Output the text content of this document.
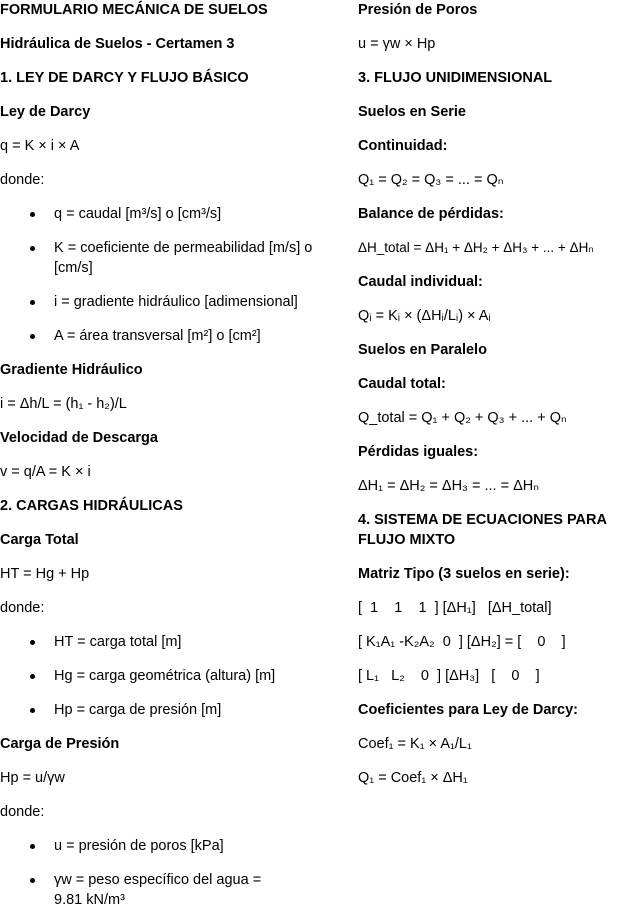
FORMULARIO MECÁNICA DE SUELOS

Hidráulica de Suelos - Certamen 3

1. LEY DE DARCY Y FLUJO BÁSICO

Ley de Darcy

q = K × i × A

donde:

q = caudal [m³/s] o [cm³/s]
K = coeficiente de permeabilidad [m/s] o [cm/s]
i = gradiente hidráulico [adimensional]
A = área transversal [m²] o [cm²]

Gradiente Hidráulico

i = Δh/L = (h₁ - h₂)/L

Velocidad de Descarga

v = q/A = K × i

2. CARGAS HIDRÁULICAS

Carga Total

HT = Hg + Hp

donde:

HT = carga total [m]
Hg = carga geométrica (altura) [m]
Hp = carga de presión [m]

Carga de Presión

Hp = u/γw

donde:

u = presión de poros [kPa]
γw = peso específico del agua = 9.81 kN/m³

Presión de Poros

u = γw × Hp

3. FLUJO UNIDIMENSIONAL

Suelos en Serie

Continuidad:

Q₁ = Q₂ = Q₃ = ... = Qₙ

Balance de pérdidas:

ΔH_total = ΔH₁ + ΔH₂ + ΔH₃ + ... + ΔHₙ

Caudal individual:

Qᵢ = Kᵢ × (ΔHᵢ/Lᵢ) × Aᵢ

Suelos en Paralelo

Caudal total:

Q_total = Q₁ + Q₂ + Q₃ + ... + Qₙ

Pérdidas iguales:

ΔH₁ = ΔH₂ = ΔH₃ = ... = ΔHₙ

4. SISTEMA DE ECUACIONES PARA FLUJO MIXTO

Matriz Tipo (3 suelos en serie):

[  1    1    1  ] [ΔH₁]   [ΔH_total]

[ K₁A₁ -K₂A₂  0  ] [ΔH₂] = [    0    ]

[ L₁   L₂    0  ] [ΔH₃]   [    0    ]

Coeficientes para Ley de Darcy:

Coef₁ = K₁ × A₁/L₁

Q₁ = Coef₁ × ΔH₁
